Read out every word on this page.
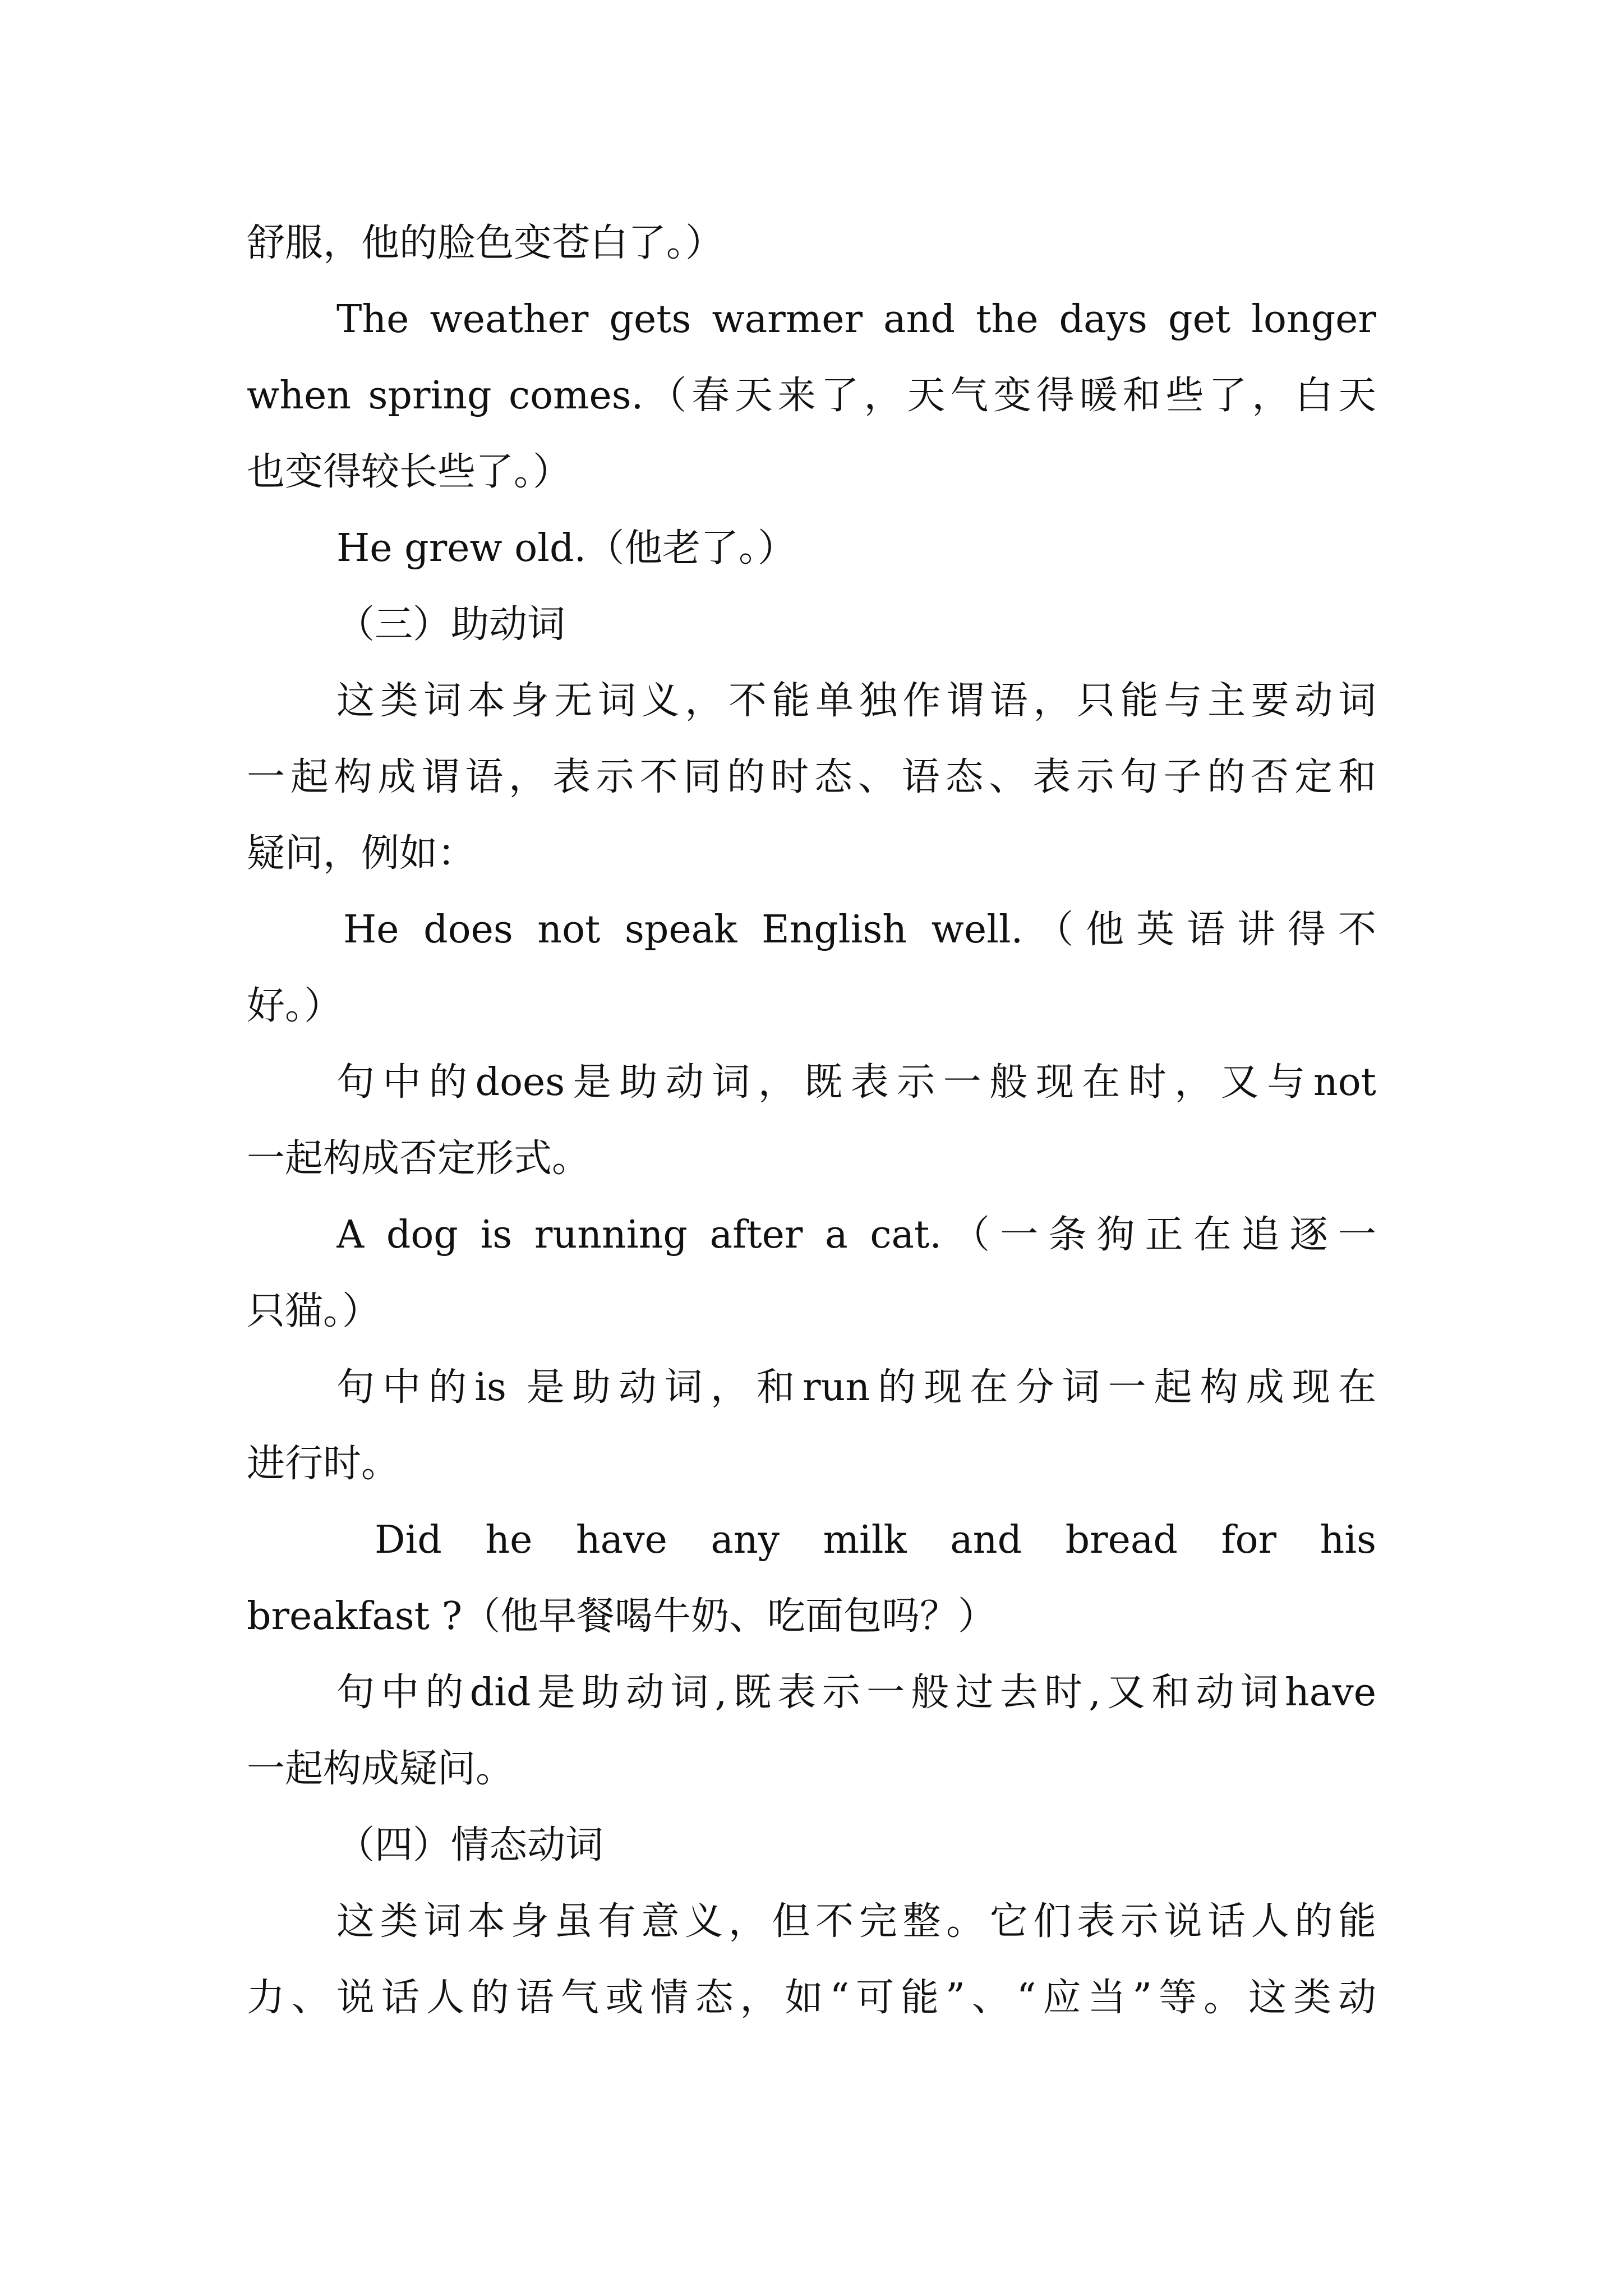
舒服，他的脸色变苍白了。）
The weather gets warmer and the days get longer
when spring comes.（春天来了，天气变得暖和些了，白天
也变得较长些了。）
He grew old.（他老了。）
（三）助动词
这类词本身无词义，不能单独作谓语，只能与主要动词
一起构成谓语，表示不同的时态、语态、表示句子的否定和
疑问，例如：
He does not speak English well.（他英语讲得不
好。）
句中的does是助动词，既表示一般现在时，又与not
一起构成否定形式。
A dog is running after a cat.（一条狗正在追逐一
只猫。）
句中的is 是助动词，和run的现在分词一起构成现在
进行时。
Did he have any milk and bread for his
breakfast ?（他早餐喝牛奶、吃面包吗？）
句中的did是助动词,既表示一般过去时,又和动词have
一起构成疑问。
（四）情态动词
这类词本身虽有意义，但不完整。它们表示说话人的能
力、说话人的语气或情态，如“可能”、“应当”等。这类动
